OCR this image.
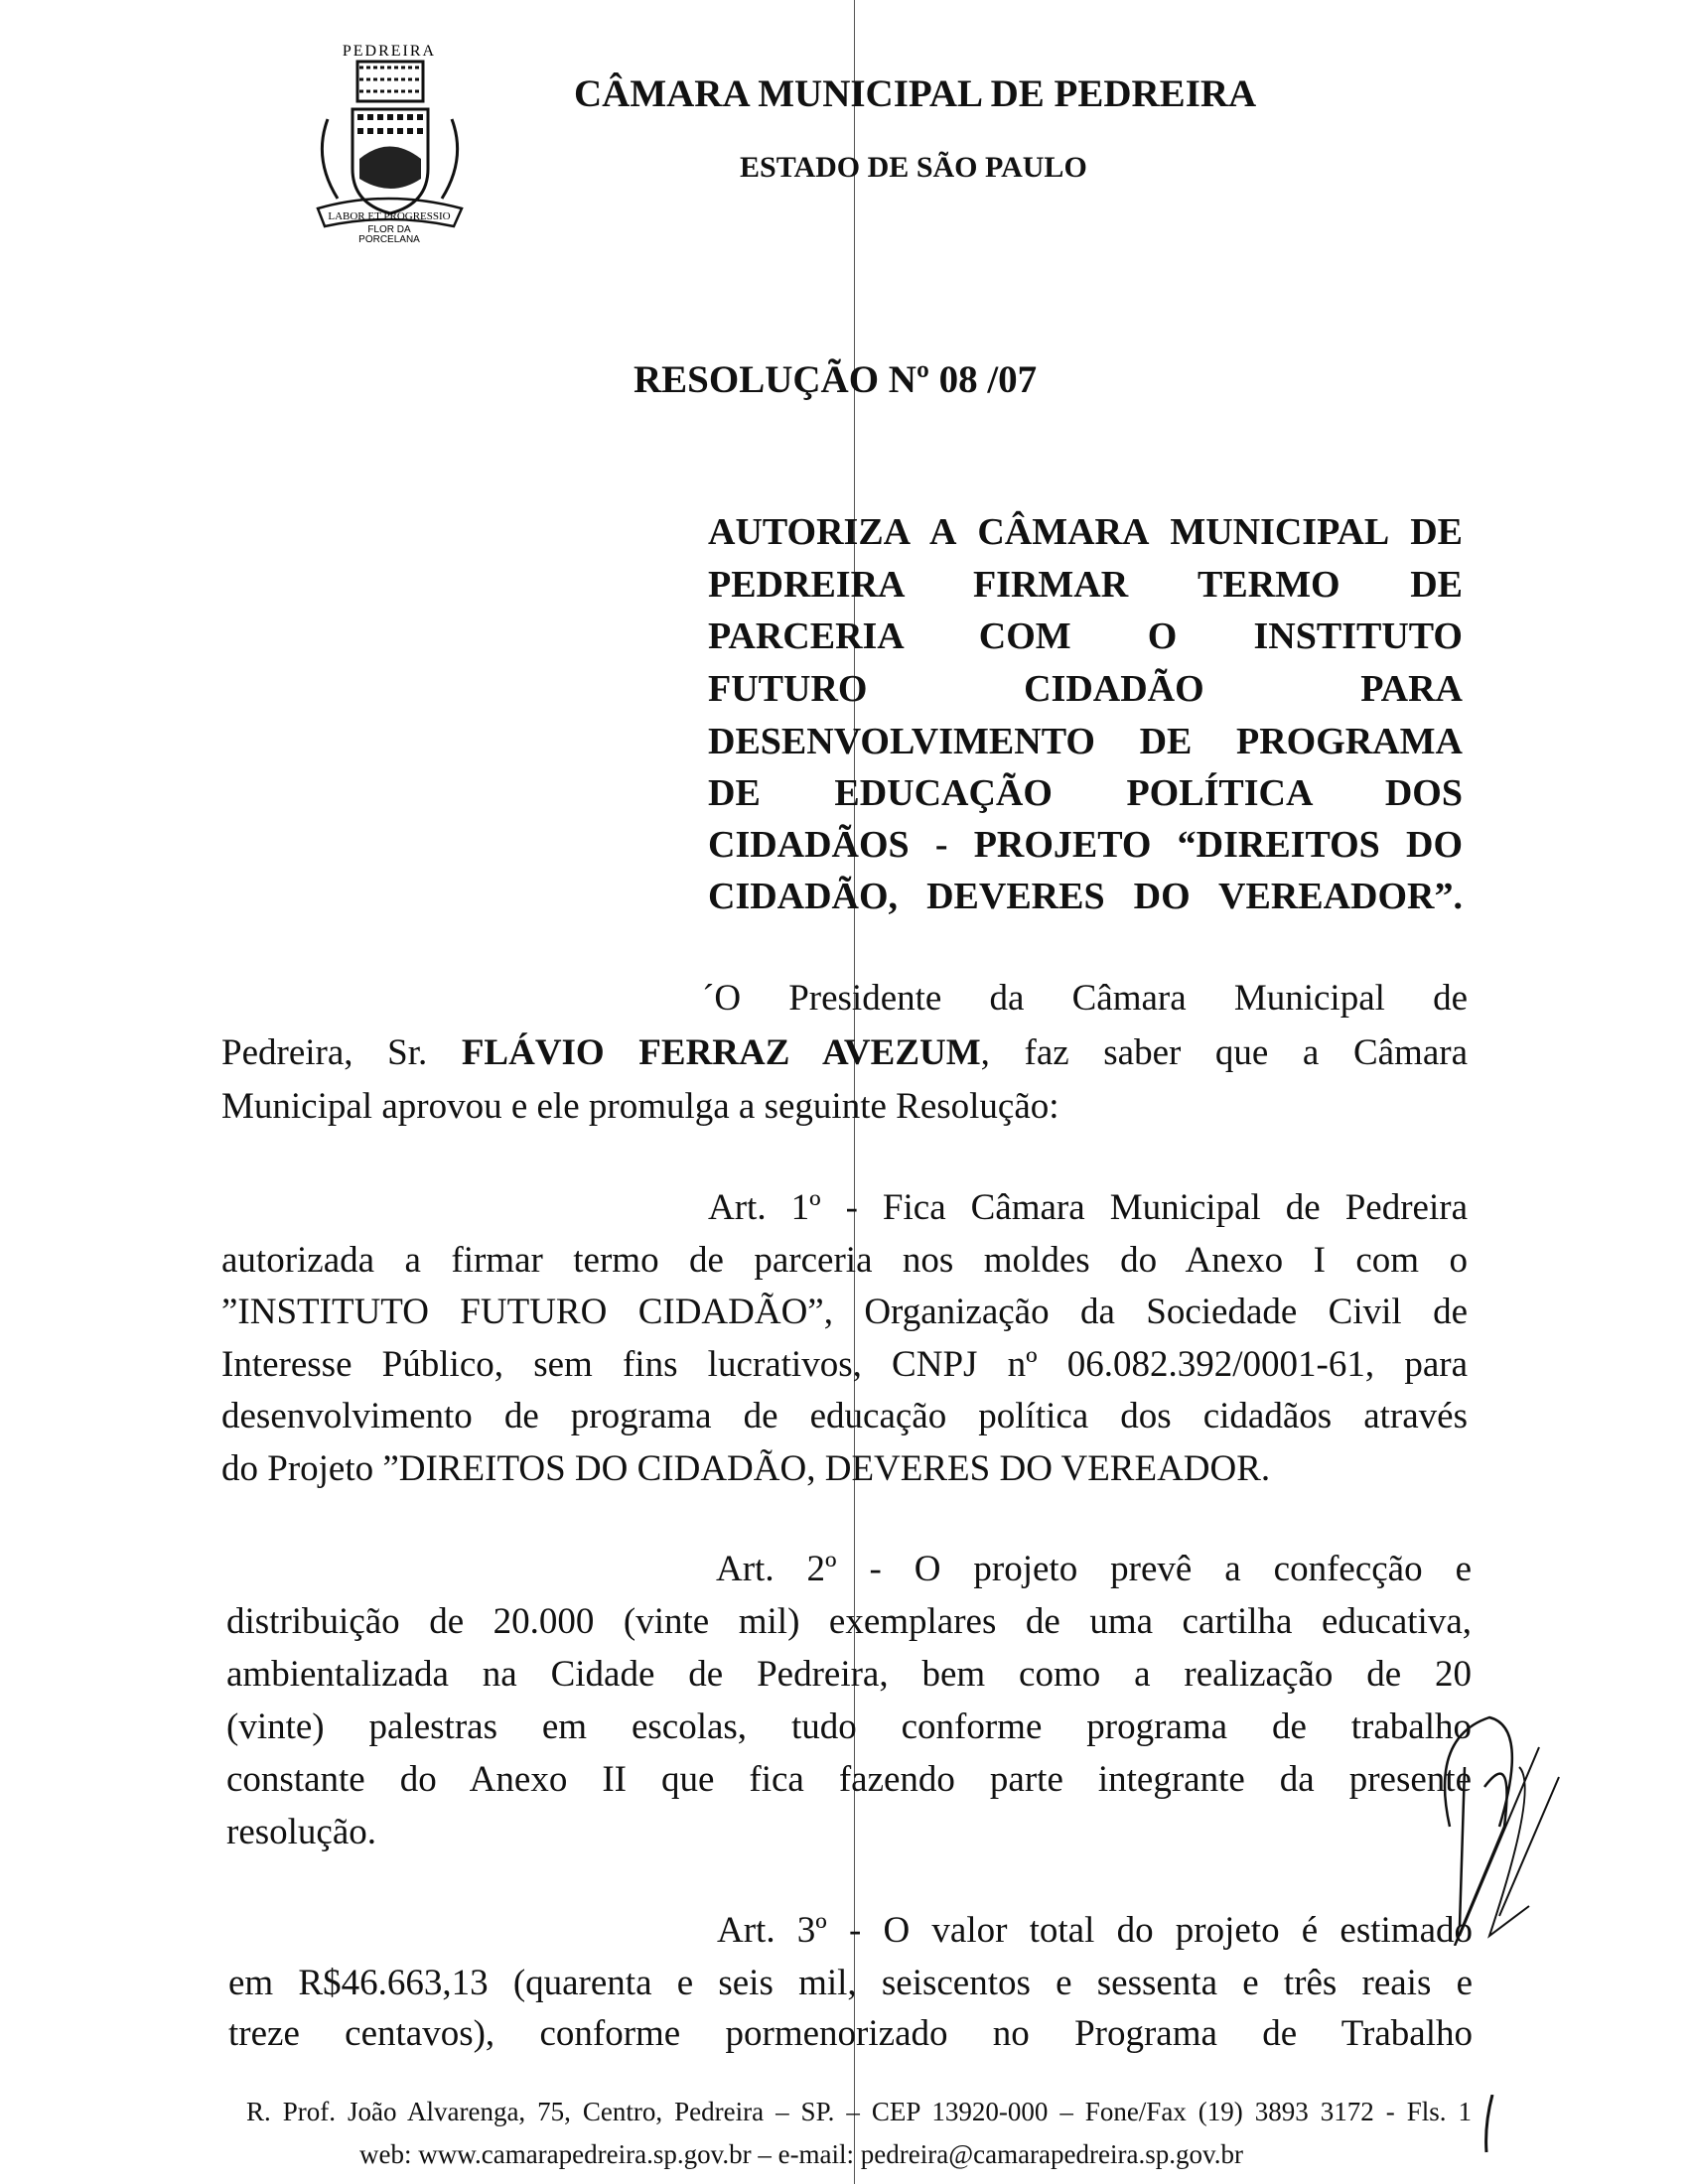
PEDREIRA
LABOR ET PROGRESSIO
FLOR DA
PORCELANA
CÂMARA MUNICIPAL DE PEDREIRA
ESTADO DE SÃO PAULO
RESOLUÇÃO Nº 08 /07
AUTORIZA A CÂMARA MUNICIPAL DE
PEDREIRA FIRMAR TERMO DE
PARCERIA COM O INSTITUTO
FUTURO CIDADÃO PARA
DESENVOLVIMENTO DE PROGRAMA
DE EDUCAÇÃO POLÍTICA DOS
CIDADÃOS - PROJETO “DIREITOS DO
CIDADÃO, DEVERES DO VEREADOR”.
´O Presidente da Câmara Municipal de
Pedreira, Sr. FLÁVIO FERRAZ AVEZUM, faz saber que a Câmara
Municipal aprovou e ele promulga a seguinte Resolução:
Art. 1º - Fica Câmara Municipal de Pedreira
autorizada a firmar termo de parceria nos moldes do Anexo I com o
”INSTITUTO FUTURO CIDADÃO”, Organização da Sociedade Civil de
Interesse Público, sem fins lucrativos, CNPJ nº 06.082.392/0001-61, para
desenvolvimento de programa de educação política dos cidadãos através
do Projeto ”DIREITOS DO CIDADÃO, DEVERES DO VEREADOR.
Art. 2º - O projeto prevê a confecção e
distribuição de 20.000 (vinte mil) exemplares de uma cartilha educativa,
ambientalizada na Cidade de Pedreira, bem como a realização de 20
(vinte) palestras em escolas, tudo conforme programa de trabalho
constante do Anexo II que fica fazendo parte integrante da presente
resolução.
Art. 3º - O valor total do projeto é estimado
em R$46.663,13 (quarenta e seis mil, seiscentos e sessenta e três reais e
treze centavos), conforme pormenorizado no Programa de Trabalho
R. Prof. João Alvarenga, 75, Centro, Pedreira – SP. – CEP 13920-000 – Fone/Fax (19) 3893 3172 - Fls. 1
web: www.camarapedreira.sp.gov.br – e-mail: pedreira@camarapedreira.sp.gov.br
